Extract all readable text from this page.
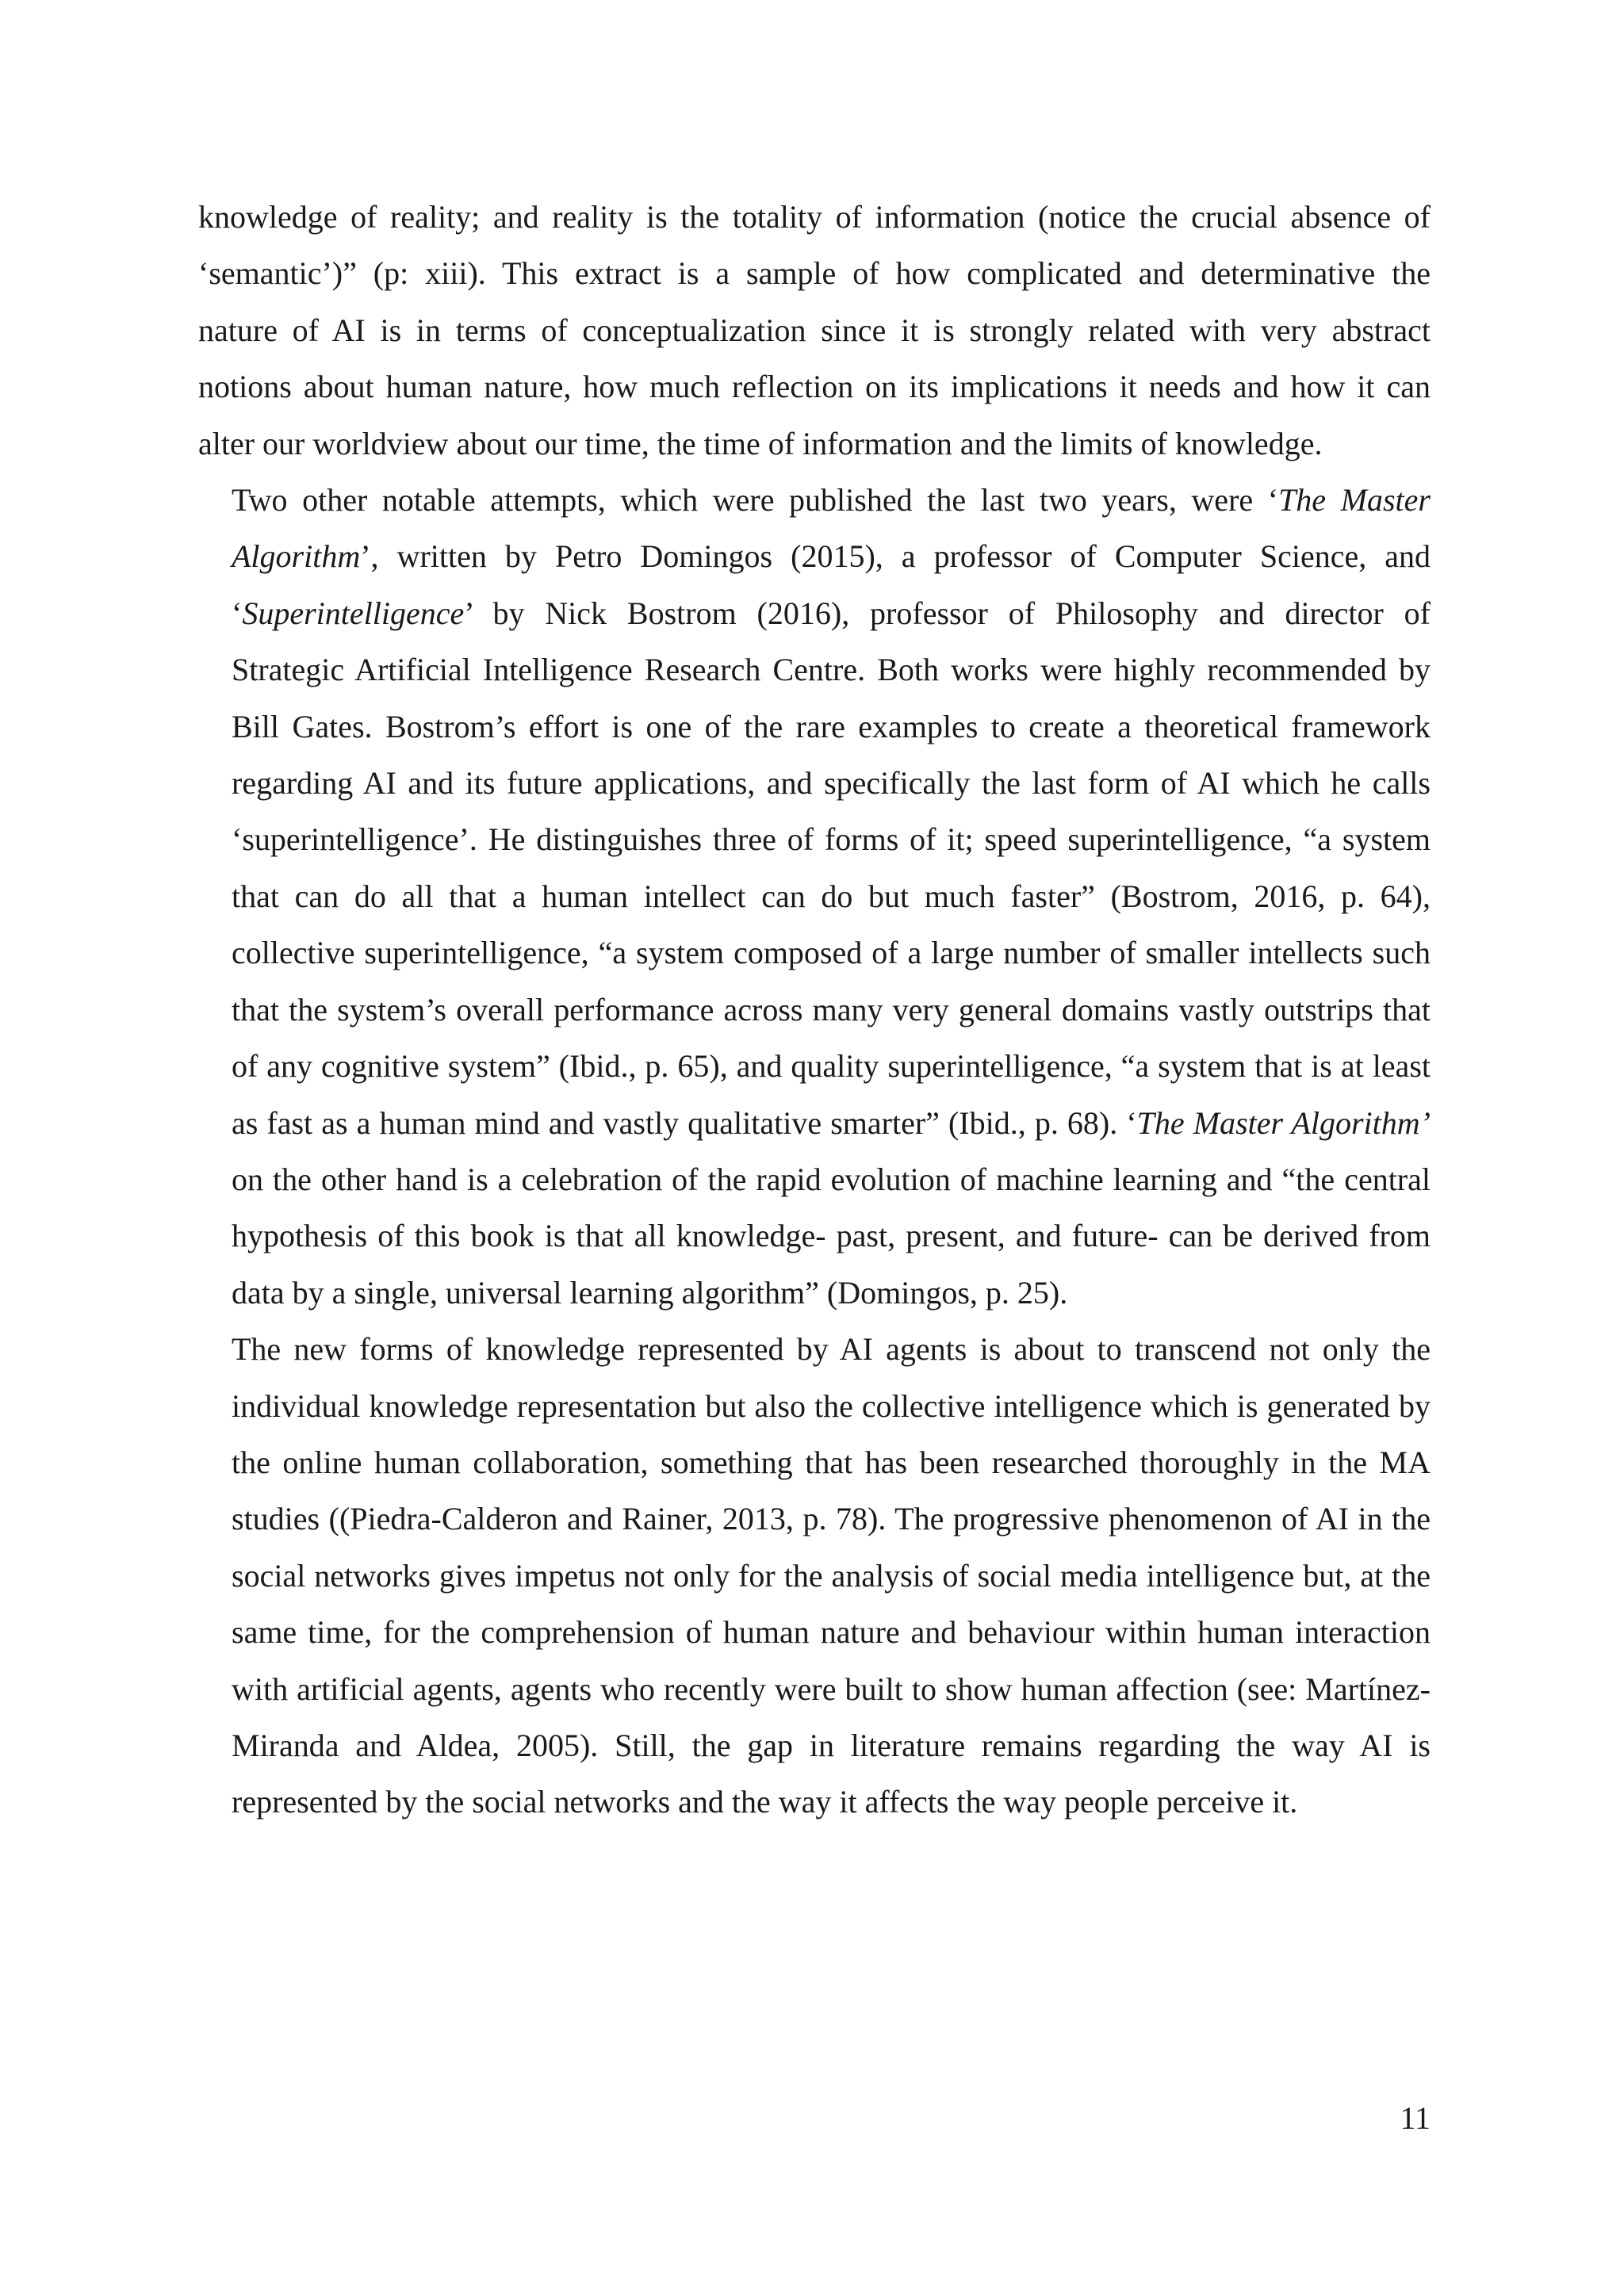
knowledge of reality; and reality is the totality of information (notice the crucial absence of
‘semantic’)” (p: xiii). This extract is a sample of how complicated and determinative the
nature of AI is in terms of conceptualization since it is strongly related with very abstract
notions about human nature, how much reflection on its implications it needs and how it can
alter our worldview about our time, the time of information and the limits of knowledge.

Two other notable attempts, which were published the last two years, were ‘The Master
Algorithm’, written by Petro Domingos (2015), a professor of Computer Science, and
‘Superintelligence’ by Nick Bostrom (2016), professor of Philosophy and director of
Strategic Artificial Intelligence Research Centre. Both works were highly recommended by
Bill Gates. Bostrom’s effort is one of the rare examples to create a theoretical framework
regarding AI and its future applications, and specifically the last form of AI which he calls
‘superintelligence’. He distinguishes three of forms of it; speed superintelligence, “a system
that can do all that a human intellect can do but much faster” (Bostrom, 2016, p. 64),
collective superintelligence, “a system composed of a large number of smaller intellects such
that the system’s overall performance across many very general domains vastly outstrips that
of any cognitive system” (Ibid., p. 65), and quality superintelligence, “a system that is at least
as fast as a human mind and vastly qualitative smarter” (Ibid., p. 68). ‘The Master Algorithm’
on the other hand is a celebration of the rapid evolution of machine learning and “the central
hypothesis of this book is that all knowledge- past, present, and future- can be derived from
data by a single, universal learning algorithm” (Domingos, p. 25).

The new forms of knowledge represented by AI agents is about to transcend not only the
individual knowledge representation but also the collective intelligence which is generated by
the online human collaboration, something that has been researched thoroughly in the MA
studies ((Piedra-Calderon and Rainer, 2013, p. 78). The progressive phenomenon of AI in the
social networks gives impetus not only for the analysis of social media intelligence but, at the
same time, for the comprehension of human nature and behaviour within human interaction
with artificial agents, agents who recently were built to show human affection (see: Martínez-
Miranda and Aldea, 2005). Still, the gap in literature remains regarding the way AI is
represented by the social networks and the way it affects the way people perceive it.

11
